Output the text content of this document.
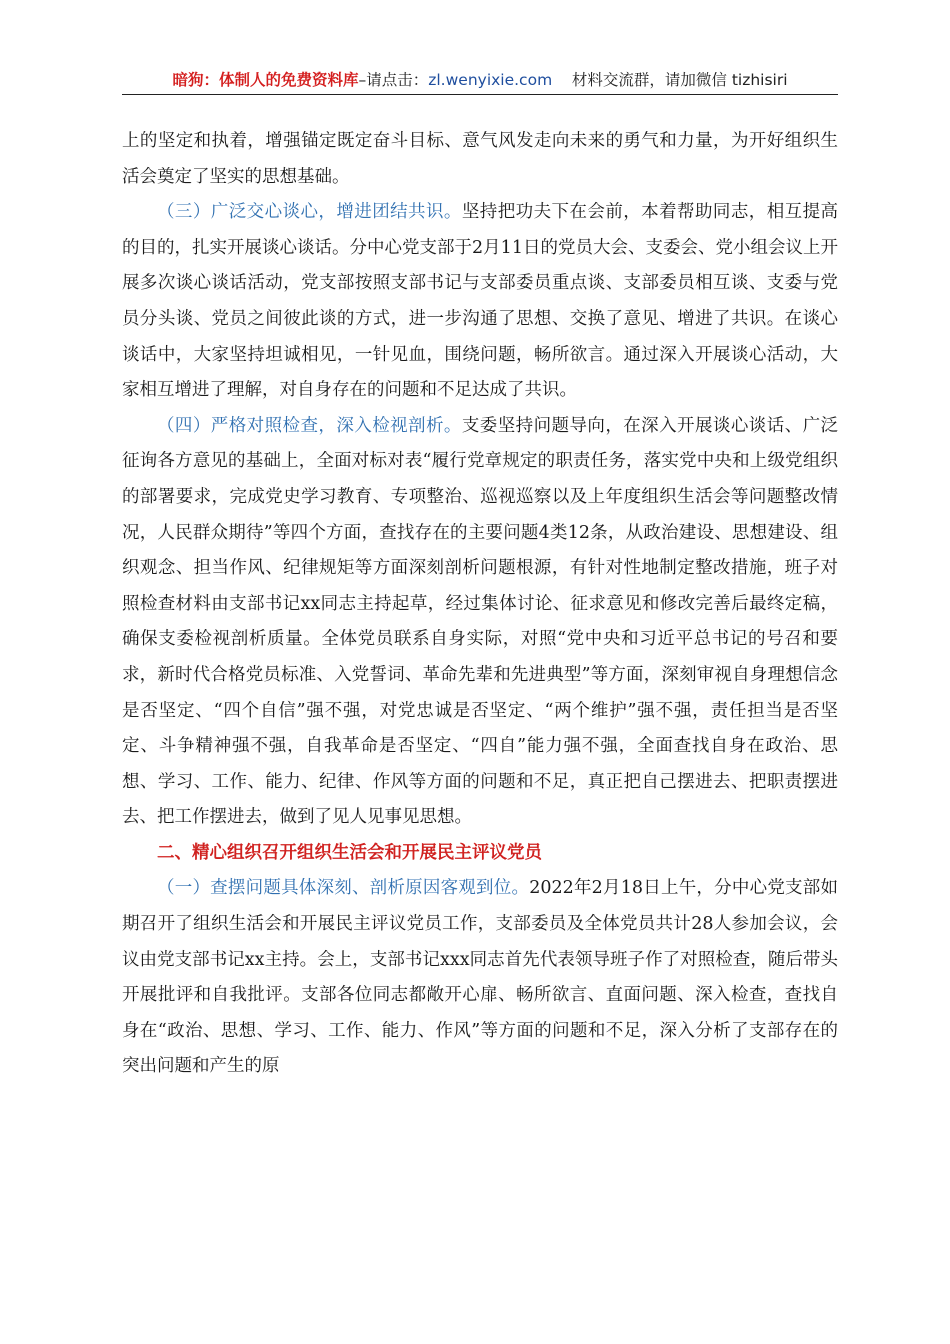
暗狗：体制人的免费资料库–请点击：zl.wenyixie.com 材料交流群，请加微信 tizhisiri

上的坚定和执着，增强锚定既定奋斗目标、意气风发走向未来的勇气和力量，为开好组织生活会奠定了坚实的思想基础。

（三）广泛交心谈心，增进团结共识。坚持把功夫下在会前，本着帮助同志，相互提高的目的，扎实开展谈心谈话。分中心党支部于2月11日的党员大会、支委会、党小组会议上开展多次谈心谈话活动，党支部按照支部书记与支部委员重点谈、支部委员相互谈、支委与党员分头谈、党员之间彼此谈的方式，进一步沟通了思想、交换了意见、增进了共识。在谈心谈话中，大家坚持坦诚相见，一针见血，围绕问题，畅所欲言。通过深入开展谈心活动，大家相互增进了理解，对自身存在的问题和不足达成了共识。

（四）严格对照检查，深入检视剖析。支委坚持问题导向，在深入开展谈心谈话、广泛征询各方意见的基础上，全面对标对表“履行党章规定的职责任务，落实党中央和上级党组织的部署要求，完成党史学习教育、专项整治、巡视巡察以及上年度组织生活会等问题整改情况，人民群众期待”等四个方面，查找存在的主要问题4类12条，从政治建设、思想建设、组织观念、担当作风、纪律规矩等方面深刻剖析问题根源，有针对性地制定整改措施，班子对照检查材料由支部书记xx同志主持起草，经过集体讨论、征求意见和修改完善后最终定稿，确保支委检视剖析质量。全体党员联系自身实际，对照“党中央和习近平总书记的号召和要求，新时代合格党员标准、入党誓词、革命先辈和先进典型”等方面，深刻审视自身理想信念是否坚定、“四个自信”强不强，对党忠诚是否坚定、“两个维护”强不强，责任担当是否坚定、斗争精神强不强，自我革命是否坚定、“四自”能力强不强，全面查找自身在政治、思想、学习、工作、能力、纪律、作风等方面的问题和不足，真正把自己摆进去、把职责摆进去、把工作摆进去，做到了见人见事见思想。

二、精心组织召开组织生活会和开展民主评议党员

（一）查摆问题具体深刻、剖析原因客观到位。2022年2月18日上午，分中心党支部如期召开了组织生活会和开展民主评议党员工作，支部委员及全体党员共计28人参加会议，会议由党支部书记xx主持。会上，支部书记xxx同志首先代表领导班子作了对照检查，随后带头开展批评和自我批评。支部各位同志都敞开心扉、畅所欲言、直面问题、深入检查，查找自身在“政治、思想、学习、工作、能力、作风”等方面的问题和不足，深入分析了支部存在的突出问题和产生的原
